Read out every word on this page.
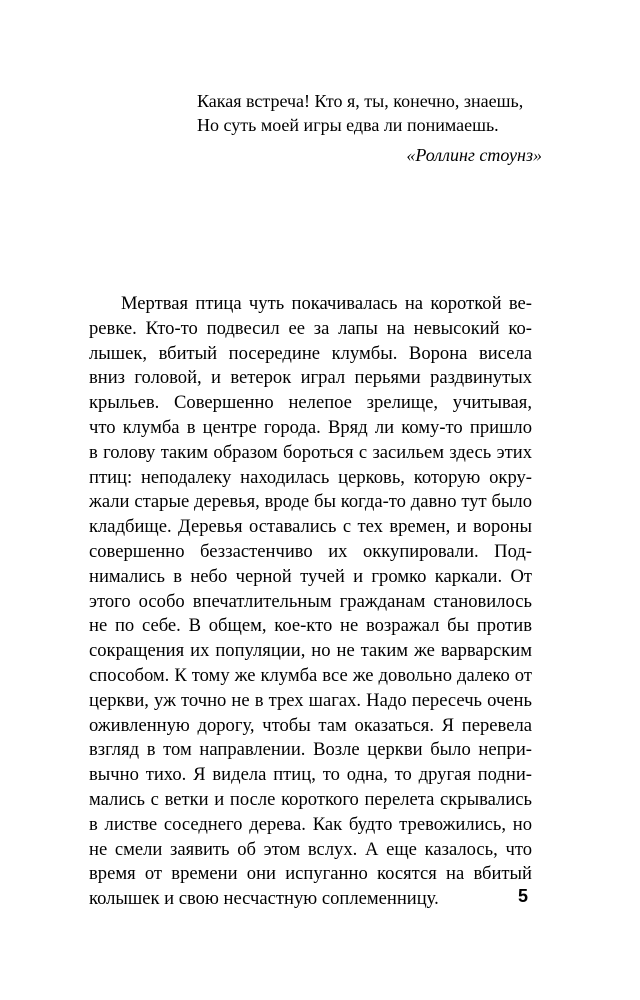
Какая встреча! Кто я, ты, конечно, знаешь,
Но суть моей игры едва ли понимаешь.
«Роллинг стоунз»
Мертвая птица чуть покачивалась на короткой ве-
ревке. Кто-то подвесил ее за лапы на невысокий ко-
лышек, вбитый посередине клумбы. Ворона висела
вниз головой, и ветерок играл перьями раздвинутых
крыльев. Совершенно нелепое зрелище, учитывая,
что клумба в центре города. Вряд ли кому-то пришло
в голову таким образом бороться с засильем здесь этих
птиц: неподалеку находилась церковь, которую окру-
жали старые деревья, вроде бы когда-то давно тут было
кладбище. Деревья оставались с тех времен, и вороны
совершенно беззастенчиво их оккупировали. Под-
нимались в небо черной тучей и громко каркали. От
этого особо впечатлительным гражданам становилось
не по себе. В общем, кое-кто не возражал бы против
сокращения их популяции, но не таким же варварским
способом. К тому же клумба все же довольно далеко от
церкви, уж точно не в трех шагах. Надо пересечь очень
оживленную дорогу, чтобы там оказаться. Я перевела
взгляд в том направлении. Возле церкви было непри-
вычно тихо. Я видела птиц, то одна, то другая подни-
мались с ветки и после короткого перелета скрывались
в листве соседнего дерева. Как будто тревожились, но
не смели заявить об этом вслух. А еще казалось, что
время от времени они испуганно косятся на вбитый
колышек и свою несчастную соплеменницу.	5
